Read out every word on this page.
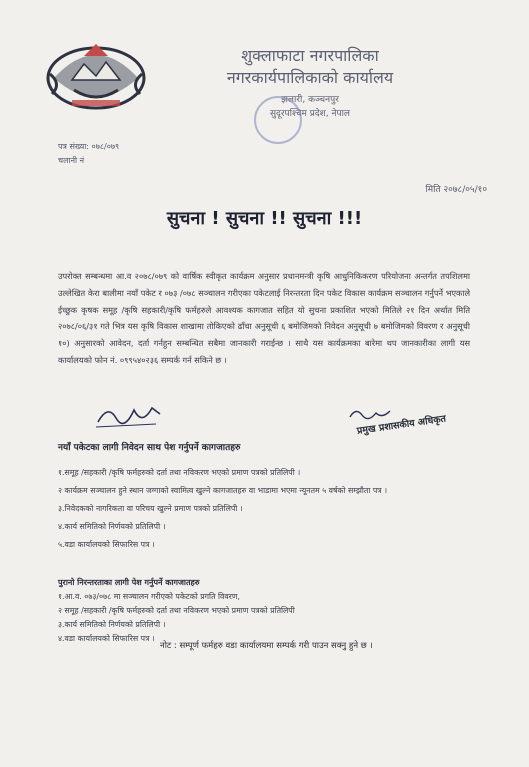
शुक्लाफाटा नगरपालिका
नगरकार्यपालिकाको कार्यालय
झलारी, कञ्चनपुर
सुदूरपश्चिम प्रदेश, नेपाल
पत्र संख्या: ०७८/०७९
चलानी नं
मिति २०७८/०५/१०
सुचना ! सुचना !! सुचना !!!
उपरोक्त सम्बन्धमा आ.व २०७८/०७९ को वार्षिक स्वीकृत कार्यक्रम अनुसार प्रधानमन्त्री कृषि आधुनिकिकरण परियोजना अन्तर्गत तपशिलमा उल्लेखित केरा बालीमा नयाँ पकेट र ०७३ /०७८ सञ्चालन गरीएका पकेटलाई निरन्तरता दिन पकेट विकास कार्यक्रम सञ्चालन गर्नुपर्ने भएकाले ईच्छुक कृषक समूह /कृषि सहकारी/कृषि फर्महरुले आवश्यक कागजात सहित यो सुचना प्रकाशित भएको मितिले २१ दिन अर्थात मिति २०७८/०६/३१ गते भित्र यस कृषि विकास शाखामा तोकिएको ढाँचा अनुसूची ६ बमोजिमको निवेदन अनुसूची ७ बमोजिमको विवरण र अनुसूची १०) अनुसारको आवेदन, दर्ता गर्नहुन सम्बन्धित सबैमा जानकारी गराईन्छ । साथै यस कार्यक्रमका बारेमा थप जानकारीका लागी यस कार्यालयको फोन नं. ०९९५४०२३६ सम्पर्क गर्न सकिने छ ।
नयाँ पकेटका लागी निवेदन साथ पेश गर्नुपर्ने कागजातहरु
प्रमुख प्रशासकीय अधिकृत
१.समूह /सहकारी /कृषि फर्महरुको दर्ता तथा नविकरण भएको प्रमाण पत्रको प्रतिलिपी ।
२ कार्यक्रम सञ्चालन हुने स्थान जग्गाको स्वामित्व खुल्ने कागजातहरु वा भाडामा भएमा न्यूनतम ५ वर्षको सम्झौता पत्र ।
३.निवेदकको नागरिकता वा परिचय खुल्ने प्रमाण पत्रको प्रतिलिपी ।
४.कार्य समितिको निर्णयको प्रतिलिपी ।
५.वडा कार्यालयको सिफारिस पत्र ।
पुरानो निरन्तरताका लागी पेश गर्नुपर्ने कागजातहरु
१.आ.व. ०७३/०७८ मा सञ्चालन गरीएको पकेटको प्रगति विवरण,
२ समूह /सहकारी /कृषि फर्महरुको दर्ता तथा नविकरण भएको प्रमाण पत्रको प्रतिलिपी
३.कार्य समितिको निर्णयको प्रतिलिपी ।
४.वडा कार्यालयको सिफारिस पत्र ।
नोट : सम्पूर्ण फर्महरु वडा कार्यालयमा सम्पर्क गरी पाउन सक्नु हुने छ ।
